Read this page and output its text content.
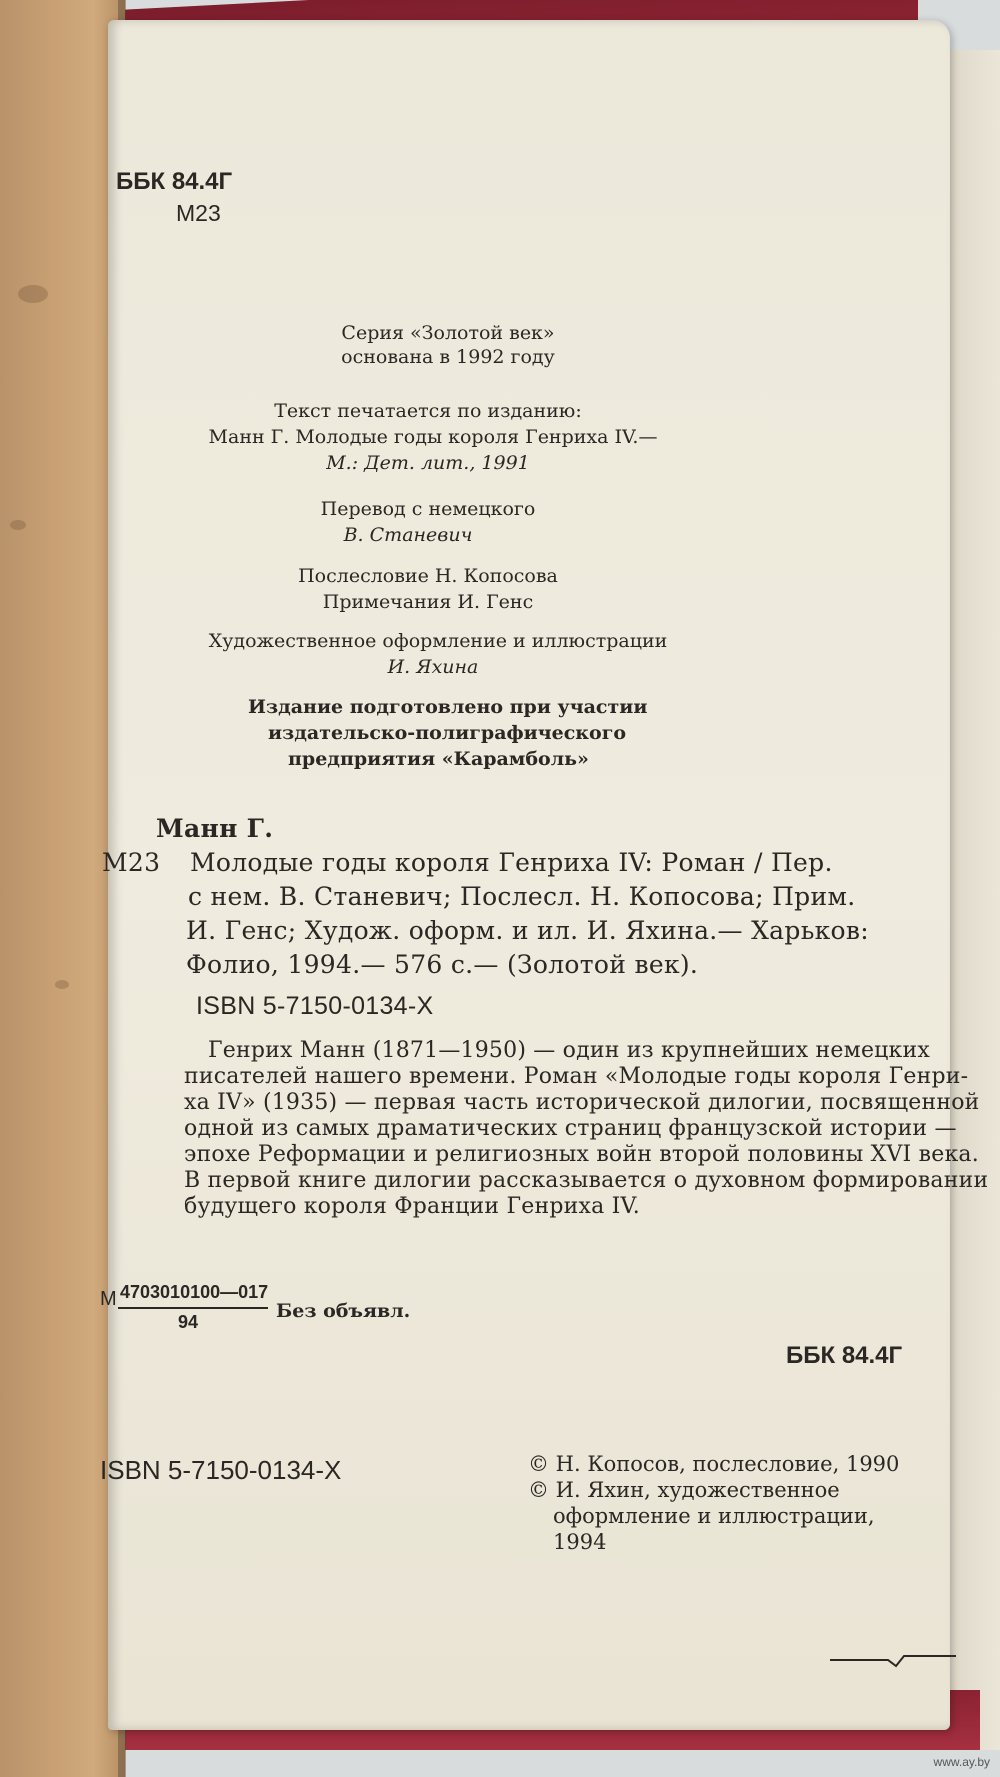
ББК 84.4Г
М23
Серия «Золотой век»
основана в 1992 году
Текст печатается по изданию:
Манн Г. Молодые годы короля Генриха IV.—
М.: Дет. лит., 1991
Перевод с немецкого
В. Станевич
Послесловие Н. Копосова
Примечания И. Генс
Художественное оформление и иллюстрации
И. Яхина
Издание подготовлено при участии
издательско-полиграфического
предприятия «Карамболь»
Манн Г.
М23 Молодые годы короля Генриха IV: Роман / Пер.
с нем. В. Станевич; Послесл. Н. Копосова; Прим.
И. Генс; Худож. оформ. и ил. И. Яхина.— Харьков:
Фолио, 1994.— 576 с.— (Золотой век).
ISBN 5-7150-0134-X
Генрих Манн (1871—1950) — один из крупнейших немецких
писателей нашего времени. Роман «Молодые годы короля Генри-
ха IV» (1935) — первая часть исторической дилогии, посвященной
одной из самых драматических страниц французской истории —
эпохе Реформации и религиозных войн второй половины XVI века.
В первой книге дилогии рассказывается о духовном формировании
будущего короля Франции Генриха IV.
М 4703010100—017
94	Без объявл.
ББК 84.4Г
ISBN 5-7150-0134-X	© Н. Копосов, послесловие, 1990
© И. Яхин, художественное
оформление и иллюстрации,
1994
www.ay.by
